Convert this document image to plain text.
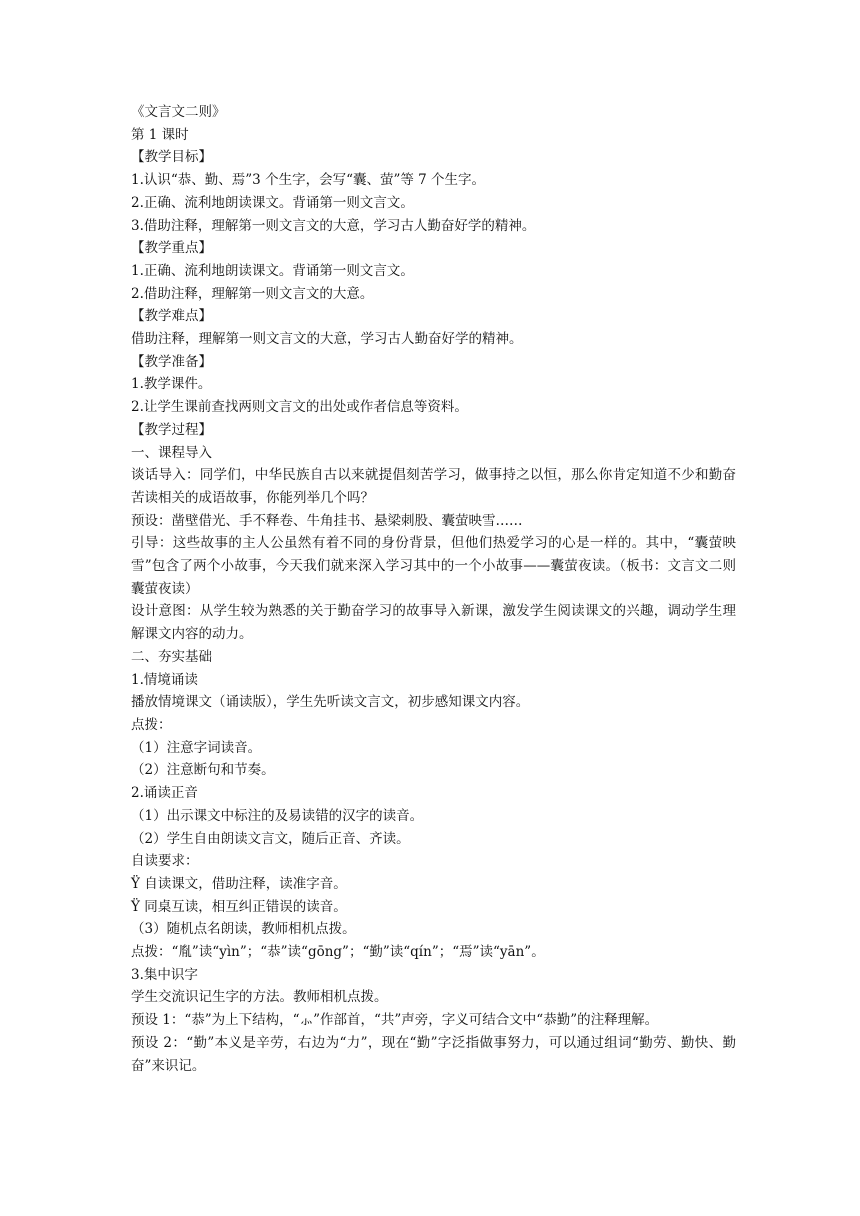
《文言文二则》

第 1 课时

【教学目标】

1.认识“恭、勤、焉”3 个生字，会写“囊、萤”等 7 个生字。

2.正确、流利地朗读课文。背诵第一则文言文。

3.借助注释，理解第一则文言文的大意，学习古人勤奋好学的精神。

【教学重点】

1.正确、流利地朗读课文。背诵第一则文言文。

2.借助注释，理解第一则文言文的大意。

【教学难点】

借助注释，理解第一则文言文的大意，学习古人勤奋好学的精神。

【教学准备】

1.教学课件。

2.让学生课前查找两则文言文的出处或作者信息等资料。

【教学过程】

一、课程导入

谈话导入：同学们，中华民族自古以来就提倡刻苦学习，做事持之以恒，那么你肯定知道不少和勤奋苦读相关的成语故事，你能列举几个吗？

预设：凿壁借光、手不释卷、牛角挂书、悬梁刺股、囊萤映雪……

引导：这些故事的主人公虽然有着不同的身份背景，但他们热爱学习的心是一样的。其中，“囊萤映雪”包含了两个小故事，今天我们就来深入学习其中的一个小故事——囊萤夜读。（板书：文言文二则 囊萤夜读）

设计意图：从学生较为熟悉的关于勤奋学习的故事导入新课，激发学生阅读课文的兴趣，调动学生理解课文内容的动力。

二、夯实基础

1.情境诵读

播放情境课文（诵读版），学生先听读文言文，初步感知课文内容。

点拨：

（1）注意字词读音。

（2）注意断句和节奏。

2.诵读正音

（1）出示课文中标注的及易读错的汉字的读音。

（2）学生自由朗读文言文，随后正音、齐读。

自读要求：

Ÿ 自读课文，借助注释，读准字音。

Ÿ 同桌互读，相互纠正错误的读音。

（3）随机点名朗读，教师相机点拨。

点拨：“胤”读“yìn”；“恭”读“gōng”；“勤”读“qín”；“焉”读“yān”。

3.集中识字

学生交流识记生字的方法。教师相机点拨。

预设 1：“恭”为上下结构，“⺗”作部首，“共”声旁，字义可结合文中“恭勤”的注释理解。

预设 2：“勤”本义是辛劳，右边为“力”，现在“勤”字泛指做事努力，可以通过组词“勤劳、勤快、勤奋”来识记。
